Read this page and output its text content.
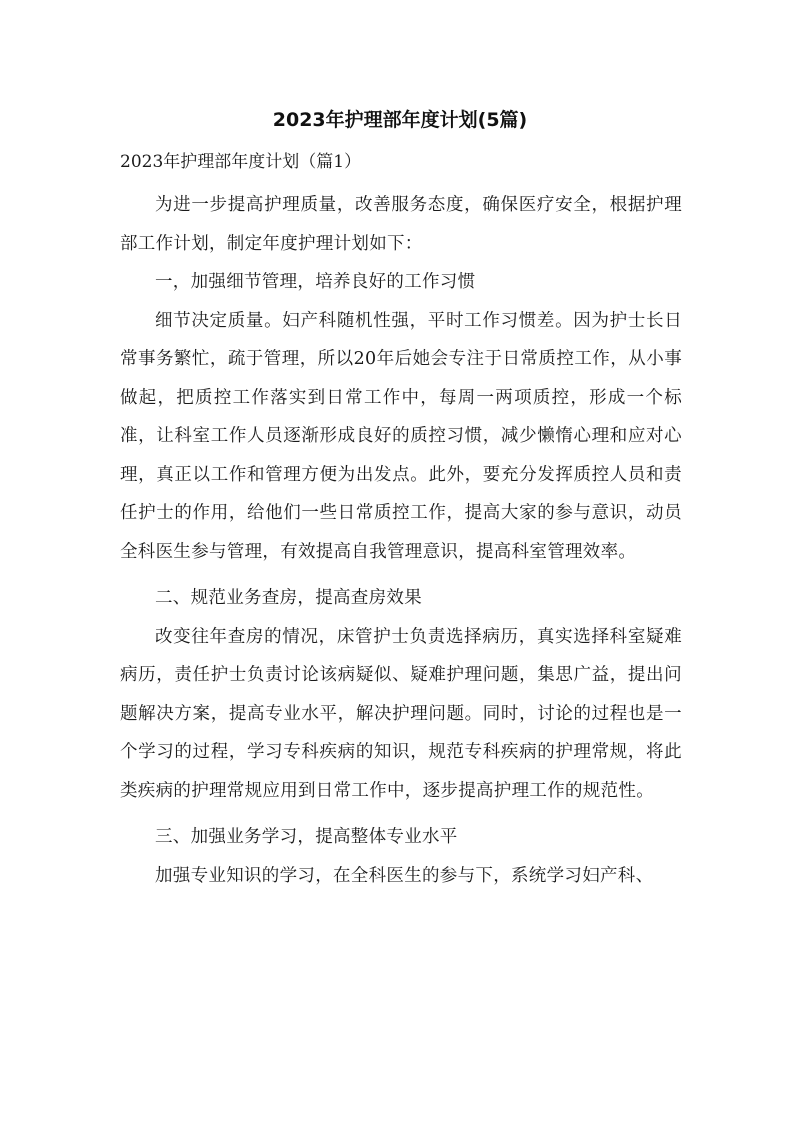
2023年护理部年度计划(5篇)
2023年护理部年度计划（篇1）

为进一步提高护理质量，改善服务态度，确保医疗安全，根据护理部工作计划，制定年度护理计划如下：

一，加强细节管理，培养良好的工作习惯

细节决定质量。妇产科随机性强，平时工作习惯差。因为护士长日常事务繁忙，疏于管理，所以20年后她会专注于日常质控工作，从小事做起，把质控工作落实到日常工作中，每周一两项质控，形成一个标准，让科室工作人员逐渐形成良好的质控习惯，减少懒惰心理和应对心理，真正以工作和管理方便为出发点。此外，要充分发挥质控人员和责任护士的作用，给他们一些日常质控工作，提高大家的参与意识，动员全科医生参与管理，有效提高自我管理意识，提高科室管理效率。

二、规范业务查房，提高查房效果

改变往年查房的情况，床管护士负责选择病历，真实选择科室疑难病历，责任护士负责讨论该病疑似、疑难护理问题，集思广益，提出问题解决方案，提高专业水平，解决护理问题。同时，讨论的过程也是一个学习的过程，学习专科疾病的知识，规范专科疾病的护理常规，将此类疾病的护理常规应用到日常工作中，逐步提高护理工作的规范性。

三、加强业务学习，提高整体专业水平

加强专业知识的学习，在全科医生的参与下，系统学习妇产科、
